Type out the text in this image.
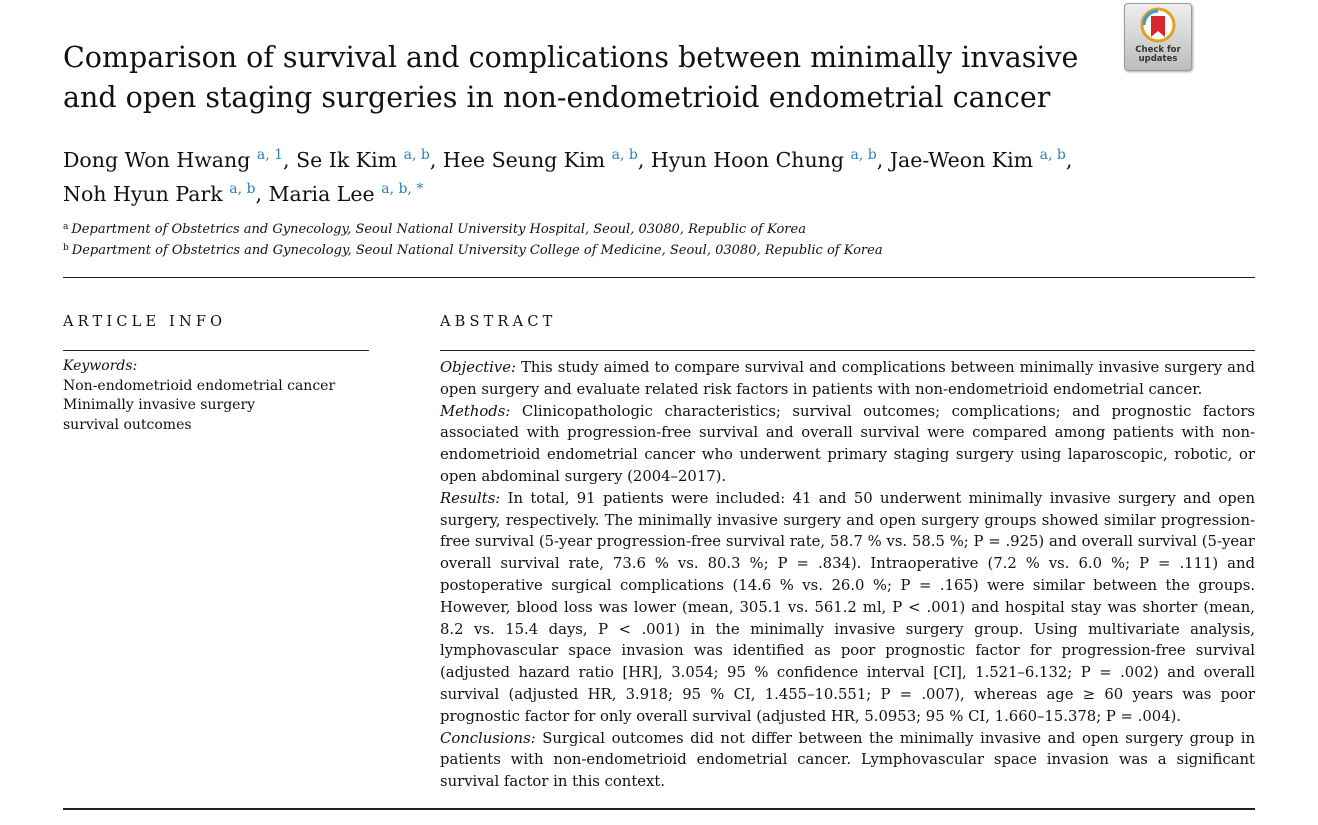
Comparison of survival and complications between minimally invasive and open staging surgeries in non-endometrioid endometrial cancer
Check for
updates
Dong Won Hwang $^{a, 1}$, Se Ik Kim $^{a, b}$, Hee Seung Kim $^{a, b}$, Hyun Hoon Chung $^{a, b}$, Jae-Weon Kim $^{a, b}$,
Noh Hyun Park $^{a, b}$, Maria Lee $^{a, b, *}$
$^a$ Department of Obstetrics and Gynecology, Seoul National University Hospital, Seoul, 03080, Republic of Korea
$^b$ Department of Obstetrics and Gynecology, Seoul National University College of Medicine, Seoul, 03080, Republic of Korea
ARTICLE INFO	ABSTRACT
Keywords:
Non-endometrioid endometrial cancer
Minimally invasive surgery
survival outcomes

Objective: This study aimed to compare survival and complications between minimally invasive surgery and open surgery and evaluate related risk factors in patients with non-endometrioid endometrial cancer.

Methods: Clinicopathologic characteristics; survival outcomes; complications; and prognostic factors associated with progression-free survival and overall survival were compared among patients with non-endometrioid endometrial cancer who underwent primary staging surgery using laparoscopic, robotic, or open abdominal surgery (2004–2017).

Results: In total, 91 patients were included: 41 and 50 underwent minimally invasive surgery and open surgery, respectively. The minimally invasive surgery and open surgery groups showed similar progression-free survival (5-year progression-free survival rate, 58.7 % vs. 58.5 %; P = .925) and overall survival (5-year overall survival rate, 73.6 % vs. 80.3 %; P = .834). Intraoperative (7.2 % vs. 6.0 %; P = .111) and postoperative surgical complications (14.6 % vs. 26.0 %; P = .165) were similar between the groups. However, blood loss was lower (mean, 305.1 vs. 561.2 ml, P < .001) and hospital stay was shorter (mean, 8.2 vs. 15.4 days, P < .001) in the minimally invasive surgery group. Using multivariate analysis, lymphovascular space invasion was identified as poor prognostic factor for progression-free survival (adjusted hazard ratio [HR], 3.054; 95 % confidence interval [CI], 1.521–6.132; P = .002) and overall survival (adjusted HR, 3.918; 95 % CI, 1.455–10.551; P = .007), whereas age ≥ 60 years was poor prognostic factor for only overall survival (adjusted HR, 5.0953; 95 % CI, 1.660–15.378; P = .004).

Conclusions: Surgical outcomes did not differ between the minimally invasive and open surgery group in patients with non-endometrioid endometrial cancer. Lymphovascular space invasion was a significant survival factor in this context.
